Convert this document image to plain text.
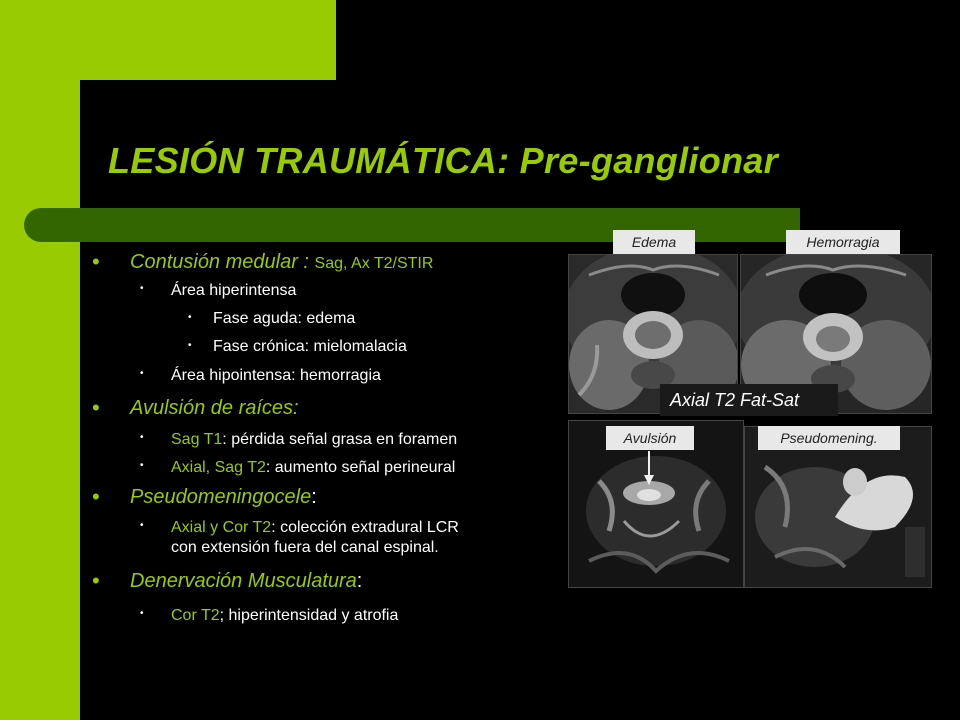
LESIÓN TRAUMÁTICA: Pre-ganglionar
• Contusión medular : Sag, Ax T2/STIR
• Área hiperintensa
• Fase aguda: edema
• Fase crónica: mielomalacia
• Área hipointensa: hemorragia
• Avulsión de raíces:
• Sag T1: pérdida señal grasa en foramen
• Axial, Sag T2: aumento señal perineural
• Pseudomeningocele:
• Axial y Cor T2: colección extradural LCR
con extensión fuera del canal espinal.
• Denervación Musculatura:
• Cor T2; hiperintensidad y atrofia
Edema	Hemorragia
Avulsión	Pseudomening.
Axial T2 Fat-Sat
